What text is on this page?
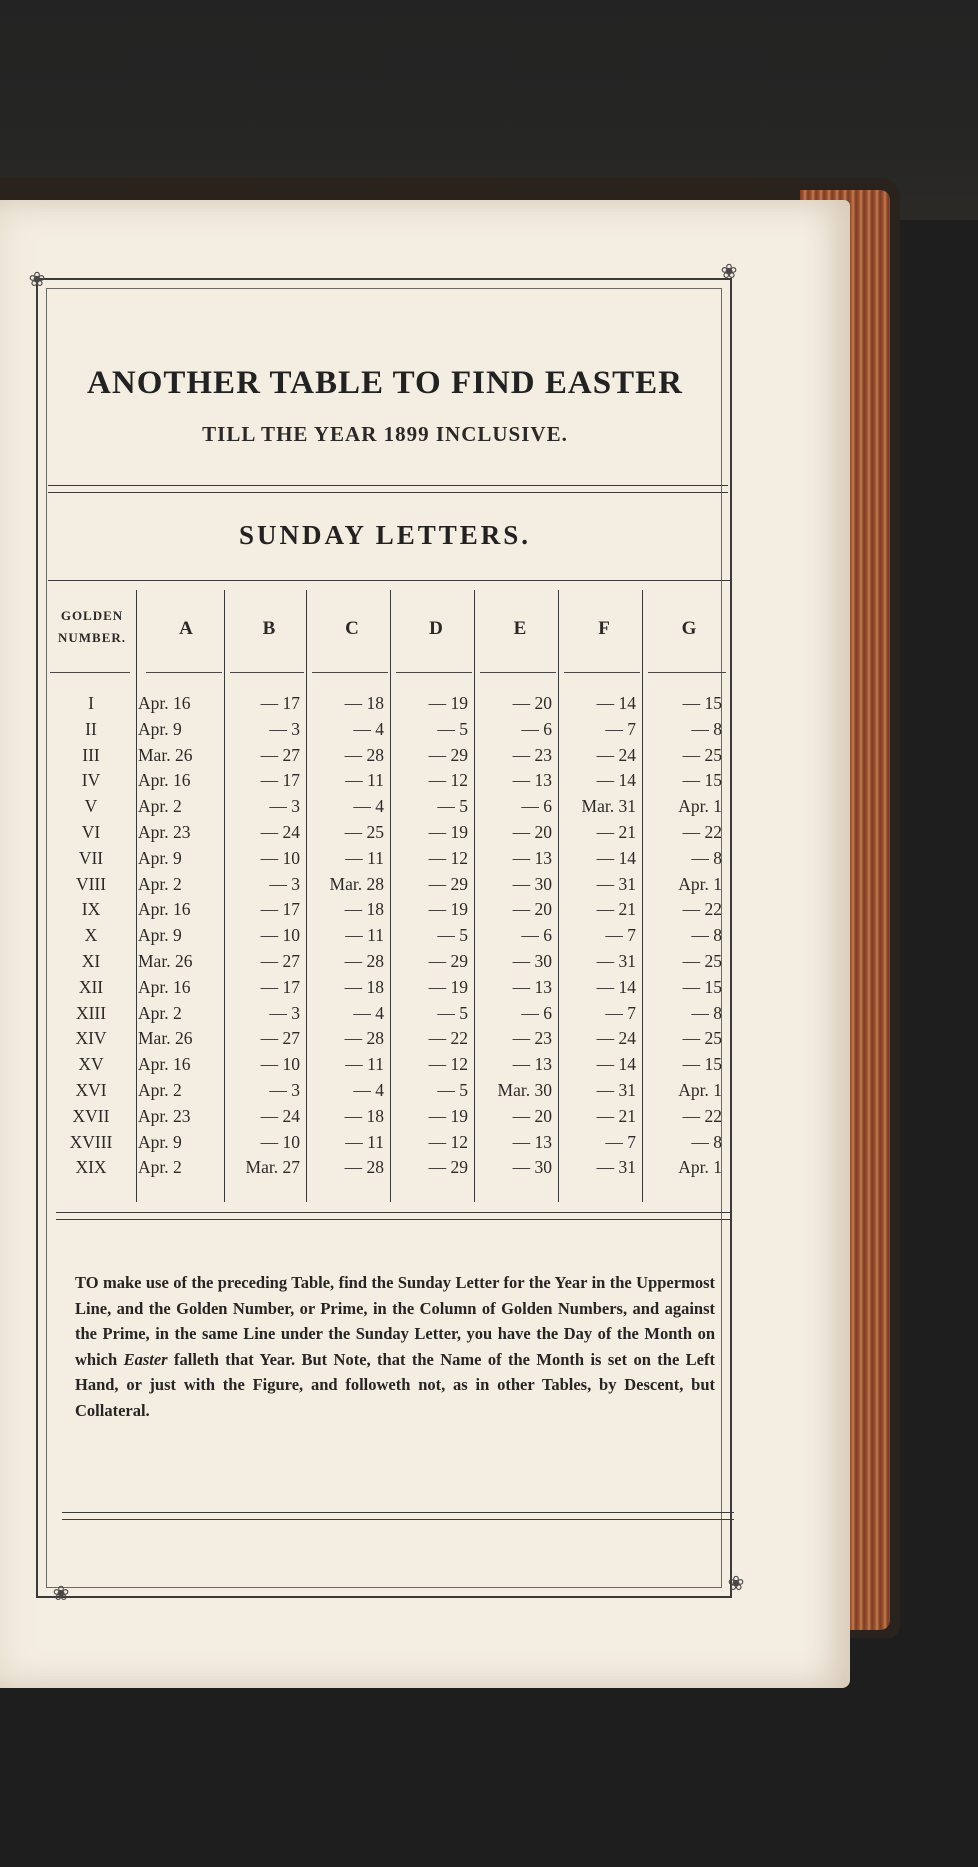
❀	❀
❀	❀
ANOTHER TABLE TO FIND EASTER
TILL THE YEAR 1899 INCLUSIVE.
SUNDAY LETTERS.
GOLDEN NUMBER.	A	B	C	D	E	F	G
I	Apr. 16	— 17	— 18	— 19	— 20	— 14	— 15
II	Apr. 9	— 3	— 4	— 5	— 6	— 7	— 8
III	Mar. 26	— 27	— 28	— 29	— 23	— 24	— 25
IV	Apr. 16	— 17	— 11	— 12	— 13	— 14	— 15
V	Apr. 2	— 3	— 4	— 5	— 6	Mar. 31	Apr. 1
VI	Apr. 23	— 24	— 25	— 19	— 20	— 21	— 22
VII	Apr. 9	— 10	— 11	— 12	— 13	— 14	— 8
VIII	Apr. 2	— 3	Mar. 28	— 29	— 30	— 31	Apr. 1
IX	Apr. 16	— 17	— 18	— 19	— 20	— 21	— 22
X	Apr. 9	— 10	— 11	— 5	— 6	— 7	— 8
XI	Mar. 26	— 27	— 28	— 29	— 30	— 31	— 25
XII	Apr. 16	— 17	— 18	— 19	— 13	— 14	— 15
XIII	Apr. 2	— 3	— 4	— 5	— 6	— 7	— 8
XIV	Mar. 26	— 27	— 28	— 22	— 23	— 24	— 25
XV	Apr. 16	— 10	— 11	— 12	— 13	— 14	— 15
XVI	Apr. 2	— 3	— 4	— 5	Mar. 30	— 31	Apr. 1
XVII	Apr. 23	— 24	— 18	— 19	— 20	— 21	— 22
XVIII	Apr. 9	— 10	— 11	— 12	— 13	— 7	— 8
XIX	Apr. 2	Mar. 27	— 28	— 29	— 30	— 31	Apr. 1
TO make use of the preceding Table, find the Sunday Letter for the Year in the Uppermost Line, and the Golden Number, or Prime, in the Column of Golden Numbers, and against the Prime, in the same Line under the Sunday Letter, you have the Day of the Month on which Easter falleth that Year. But Note, that the Name of the Month is set on the Left Hand, or just with the Figure, and followeth not, as in other Tables, by Descent, but Collateral.
